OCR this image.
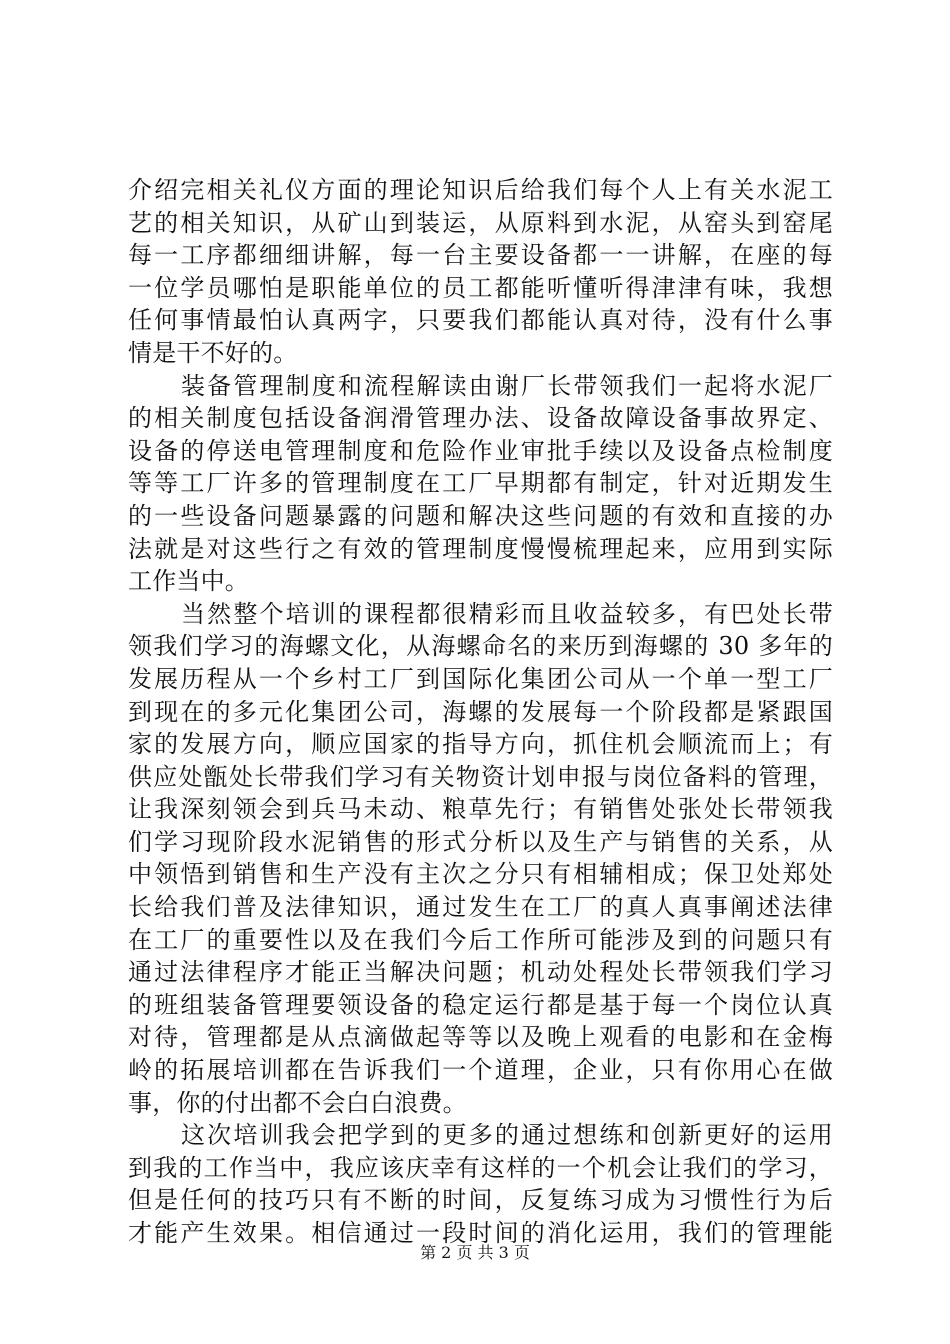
介绍完相关礼仪方面的理论知识后给我们每个人上有关水泥工
艺的相关知识，从矿山到装运，从原料到水泥，从窑头到窑尾
每一工序都细细讲解，每一台主要设备都一一讲解，在座的每
一位学员哪怕是职能单位的员工都能听懂听得津津有味，我想
任何事情最怕认真两字，只要我们都能认真对待，没有什么事
情是干不好的。
装备管理制度和流程解读由谢厂长带领我们一起将水泥厂
的相关制度包括设备润滑管理办法、设备故障设备事故界定、
设备的停送电管理制度和危险作业审批手续以及设备点检制度
等等工厂许多的管理制度在工厂早期都有制定，针对近期发生
的一些设备问题暴露的问题和解决这些问题的有效和直接的办
法就是对这些行之有效的管理制度慢慢梳理起来，应用到实际
工作当中。
当然整个培训的课程都很精彩而且收益较多，有巴处长带
领我们学习的海螺文化，从海螺命名的来历到海螺的 30 多年的
发展历程从一个乡村工厂到国际化集团公司从一个单一型工厂
到现在的多元化集团公司，海螺的发展每一个阶段都是紧跟国
家的发展方向，顺应国家的指导方向，抓住机会顺流而上；有
供应处甑处长带我们学习有关物资计划申报与岗位备料的管理，
让我深刻领会到兵马未动、粮草先行；有销售处张处长带领我
们学习现阶段水泥销售的形式分析以及生产与销售的关系，从
中领悟到销售和生产没有主次之分只有相辅相成；保卫处郑处
长给我们普及法律知识，通过发生在工厂的真人真事阐述法律
在工厂的重要性以及在我们今后工作所可能涉及到的问题只有
通过法律程序才能正当解决问题；机动处程处长带领我们学习
的班组装备管理要领设备的稳定运行都是基于每一个岗位认真
对待，管理都是从点滴做起等等以及晚上观看的电影和在金梅
岭的拓展培训都在告诉我们一个道理，企业，只有你用心在做
事，你的付出都不会白白浪费。
这次培训我会把学到的更多的通过想练和创新更好的运用
到我的工作当中，我应该庆幸有这样的一个机会让我们的学习，
但是任何的技巧只有不断的时间，反复练习成为习惯性行为后
才能产生效果。相信通过一段时间的消化运用，我们的管理能
第 2 页 共 3 页
